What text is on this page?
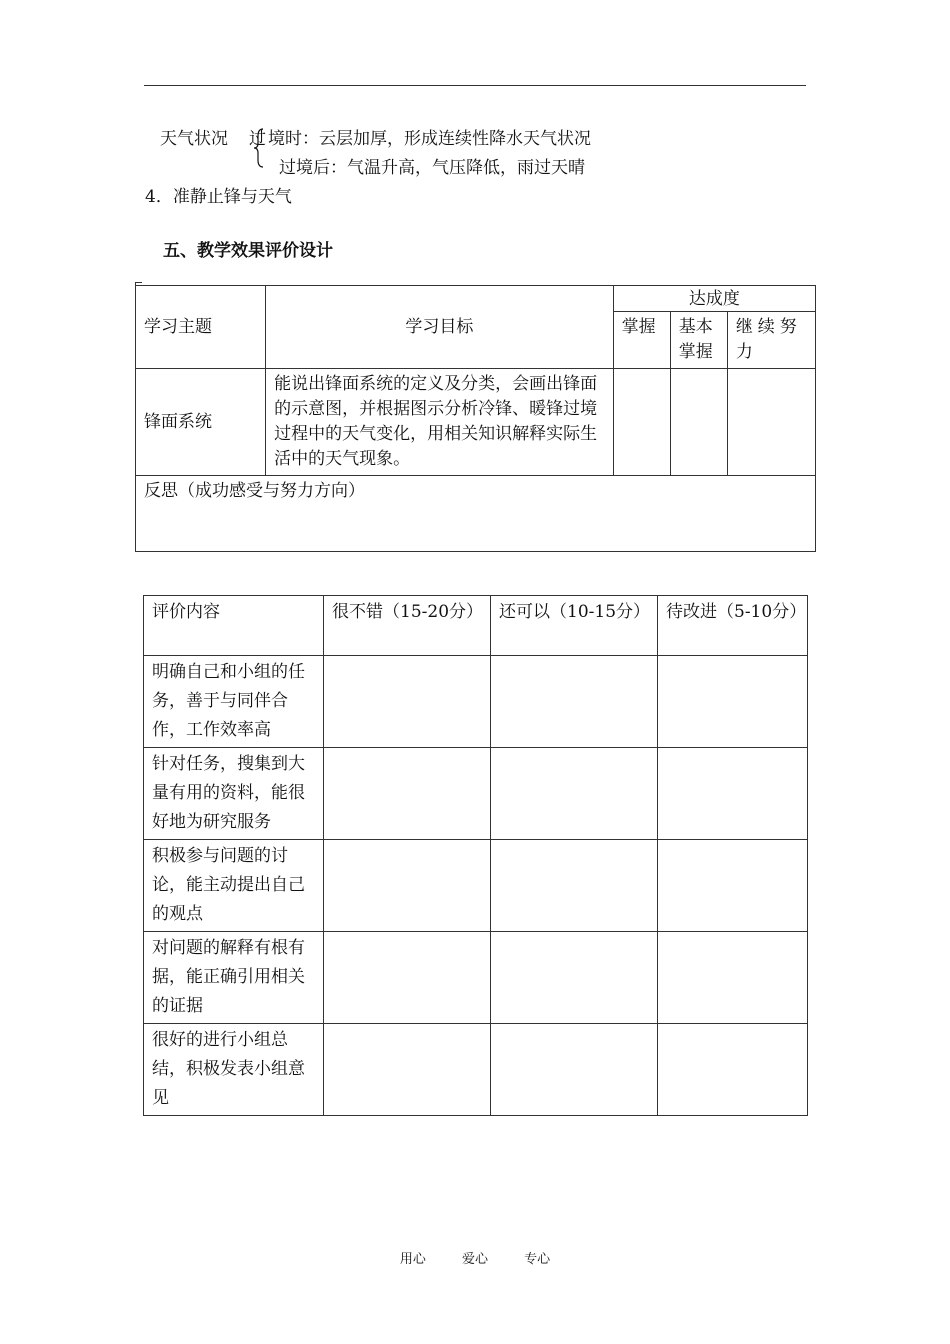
天气状况 过 境时：云层加厚，形成连续性降水天气状况
过境后：气温升高，气压降低，雨过天晴
4．准静止锋与天气
五、教学效果评价设计
学习主题	学习目标	达成度		
		掌握	基本掌握	继续努力
锋面系统	能说出锋面系统的定义及分类，会画出锋面的示意图，并根据图示分析冷锋、暖锋过境过程中的天气变化，用相关知识解释实际生活中的天气现象。			
反思（成功感受与努力方向）				
评价内容	很不错（15-20分）	还可以（10-15分）	待改进（5-10分）
明确自己和小组的任务，善于与同伴合作，工作效率高			
针对任务，搜集到大量有用的资料，能很好地为研究服务			
积极参与问题的讨论，能主动提出自己的观点			
对问题的解释有根有据，能正确引用相关的证据			
很好的进行小组总结，积极发表小组意见			
用心	爱心	专心
